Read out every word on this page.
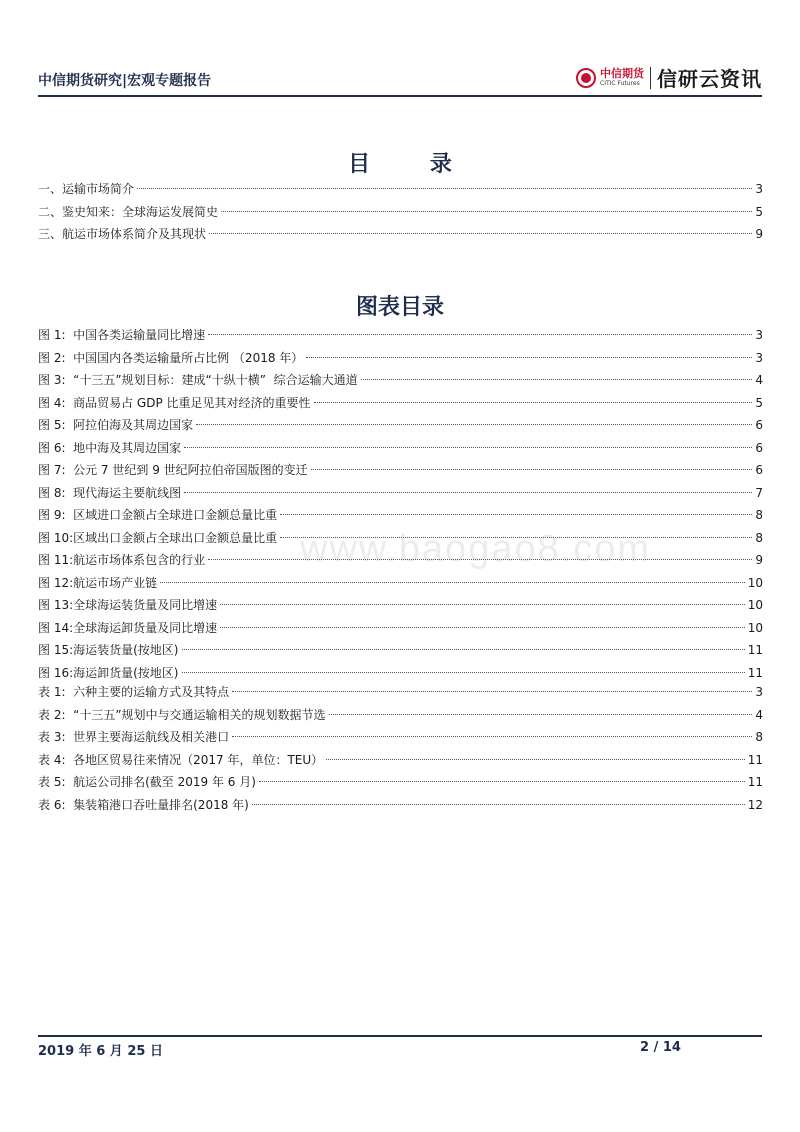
中信期货研究|宏观专题报告	中信期货
CITIC Futures 信研云资讯
目 录
一、运输市场简介	3
二、鉴史知来：全球海运发展简史	5
三、航运市场体系简介及其现状	9
图表目录
图 1:  中国各类运输量同比增速	3
图 2:  中国国内各类运输量所占比例 （2018 年）	3
图 3:  “十三五”规划目标：建成“十纵十横”  综合运输大通道	4
图 4:  商品贸易占 GDP 比重足见其对经济的重要性	5
图 5:  阿拉伯海及其周边国家	6
图 6:  地中海及其周边国家	6
图 7:  公元 7 世纪到 9 世纪阿拉伯帝国版图的变迁	6
图 8:  现代海运主要航线图	7
图 9:  区域进口金额占全球进口金额总量比重	8
图 10:区域出口金额占全球出口金额总量比重	8
图 11:航运市场体系包含的行业	9
图 12:航运市场产业链	10
图 13:全球海运装货量及同比增速	10
图 14:全球海运卸货量及同比增速	10
图 15:海运装货量(按地区)	11
图 16:海运卸货量(按地区)	11
表 1:  六种主要的运输方式及其特点	3
表 2:  “十三五”规划中与交通运输相关的规划数据节选	4
表 3:  世界主要海运航线及相关港口	8
表 4:  各地区贸易往来情况（2017 年，单位：TEU）	11
表 5:  航运公司排名(截至 2019 年 6 月)	11
表 6:  集装箱港口吞吐量排名(2018 年)	12
www.baogao8.com
2019 年 6 月 25 日	2 / 14
